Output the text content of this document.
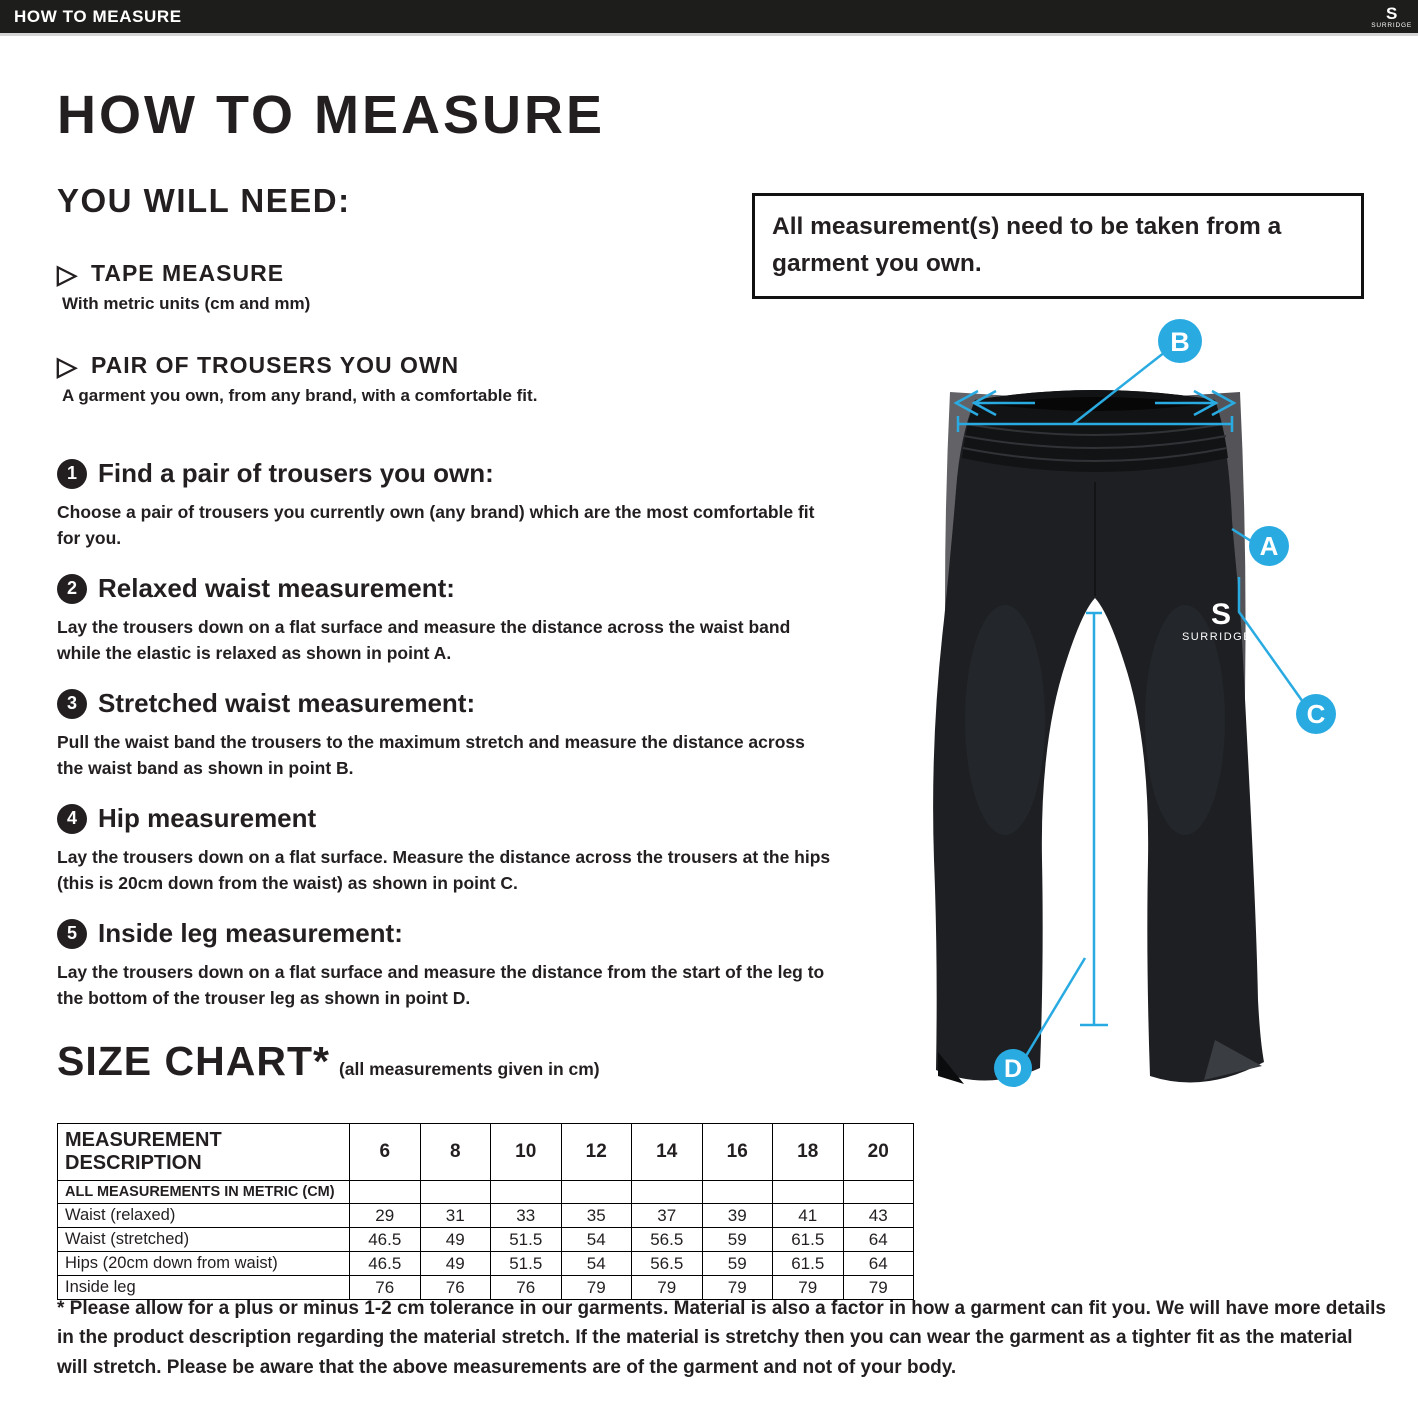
HOW TO MEASURE	S
SURRIDGE
HOW TO MEASURE
YOU WILL NEED:
▷ TAPE MEASURE
With metric units (cm and mm)
▷ PAIR OF TROUSERS YOU OWN
A garment you own, from any brand, with a comfortable fit.
1 Find a pair of trousers you own:
Choose a pair of trousers you currently own (any brand) which are the most comfortable fit for you.
2 Relaxed waist measurement:
Lay the trousers down on a flat surface and measure the distance across the waist band while the elastic is relaxed as shown in point A.
3 Stretched waist measurement:
Pull the waist band the trousers to the maximum stretch and measure the distance across the waist band as shown in point B.
4 Hip measurement
Lay the trousers down on a flat surface. Measure the distance across the trousers at the hips (this is 20cm down from the waist) as shown in point C.
5 Inside leg measurement:
Lay the trousers down on a flat surface and measure the distance from the start of the leg to the bottom of the trouser leg as shown in point D.
All measurement(s) need to be taken from a garment you own.
S
SURRIDGE
B
A
C
D
SIZE CHART* (all measurements given in cm)
MEASUREMENT DESCRIPTION	6	8	10	12	14	16	18	20
ALL MEASUREMENTS IN METRIC (CM)								
Waist (relaxed)	29	31	33	35	37	39	41	43
Waist (stretched)	46.5	49	51.5	54	56.5	59	61.5	64
Hips (20cm down from waist)	46.5	49	51.5	54	56.5	59	61.5	64
Inside leg	76	76	76	79	79	79	79	79
* Please allow for a plus or minus 1-2 cm tolerance in our garments. Material is also a factor in how a garment can fit you. We will have more details in the product description regarding the material stretch. If the material is stretchy then you can wear the garment as a tighter fit as the material will stretch. Please be aware that the above measurements are of the garment and not of your body.
